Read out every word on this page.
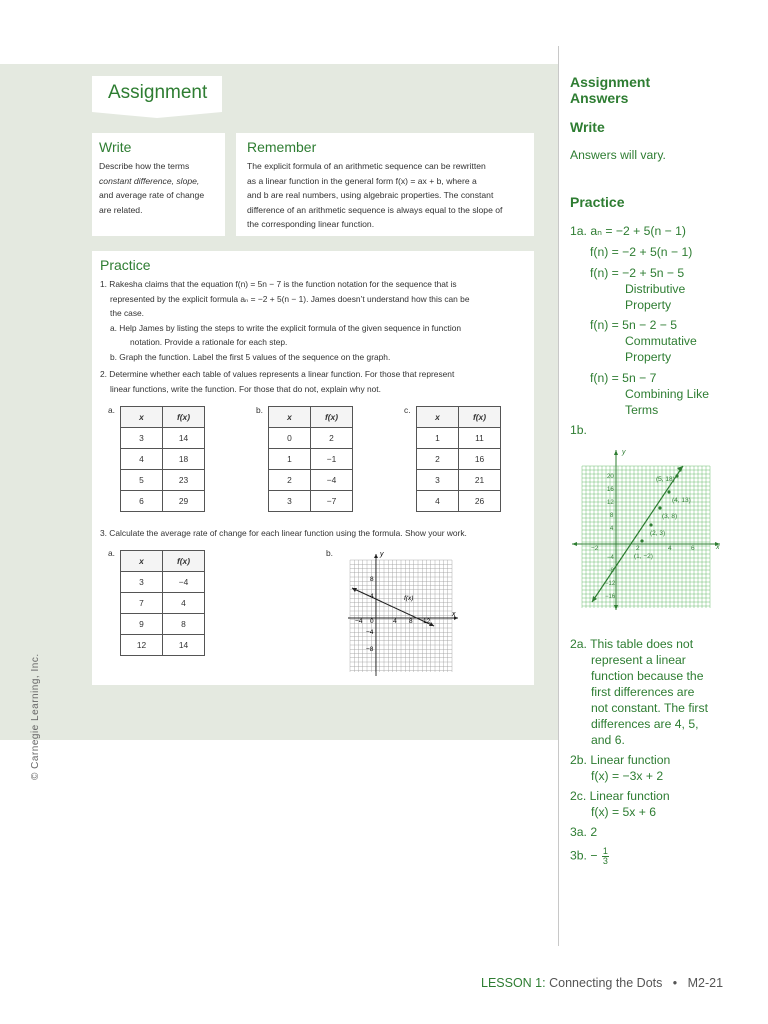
© Carnegie Learning, Inc.
Assignment
Write
Describe how the terms
constant difference, slope,
and average rate of change
are related.
Remember
The explicit formula of an arithmetic sequence can be rewritten
as a linear function in the general form f(x) = ax + b, where a
and b are real numbers, using algebraic properties. The constant
difference of an arithmetic sequence is always equal to the slope of
the corresponding linear function.
Practice
1. Rakesha claims that the equation f(n) = 5n − 7 is the function notation for the sequence that is
represented by the explicit formula aₙ = −2 + 5(n − 1). James doesn’t understand how this can be
the case.
a. Help James by listing the steps to write the explicit formula of the given sequence in function
notation. Provide a rationale for each step.
b. Graph the function. Label the first 5 values of the sequence on the graph.
2. Determine whether each table of values represents a linear function. For those that represent
linear functions, write the function. For those that do not, explain why not.
a.
x	f(x)
3	14
4	18
5	23
6	29
b.
x	f(x)
0	2
1	−1
2	−4
3	−7
c.
x	f(x)
1	11
2	16
3	21
4	26
3. Calculate the average rate of change for each linear function using the formula. Show your work.
a.
x	f(x)
3	−4
7	4
9	8
12	14
b.	y
x
f(x)
−4 0	4 8 12
8
4
−4
−8
Assignment
Answers
Write
Answers will vary.
Practice
1a. aₙ = −2 + 5(n − 1)
f(n) = −2 + 5(n − 1)
f(n) = −2 + 5n − 5
Distributive
Property
f(n) = 5n − 2 − 5
Commutative
Property
f(n) = 5n − 7
Combining Like
Terms
1b.
2a. This table does not
represent a linear
function because the
first differences are
not constant. The first
differences are 4, 5,
and 6.
2b. Linear function
f(x) = −3x + 2
2c. Linear function
f(x) = 5x + 6
3a. 2
3b. − $\frac{1}{3}$
y
x
−2	2	4	6
20
16
12
8
4
−4
−8
−12
−16
(5, 18)
(4, 13)
(3, 8)
(2, 3)
(1, −2)
LESSON 1: Connecting the Dots • M2-21
